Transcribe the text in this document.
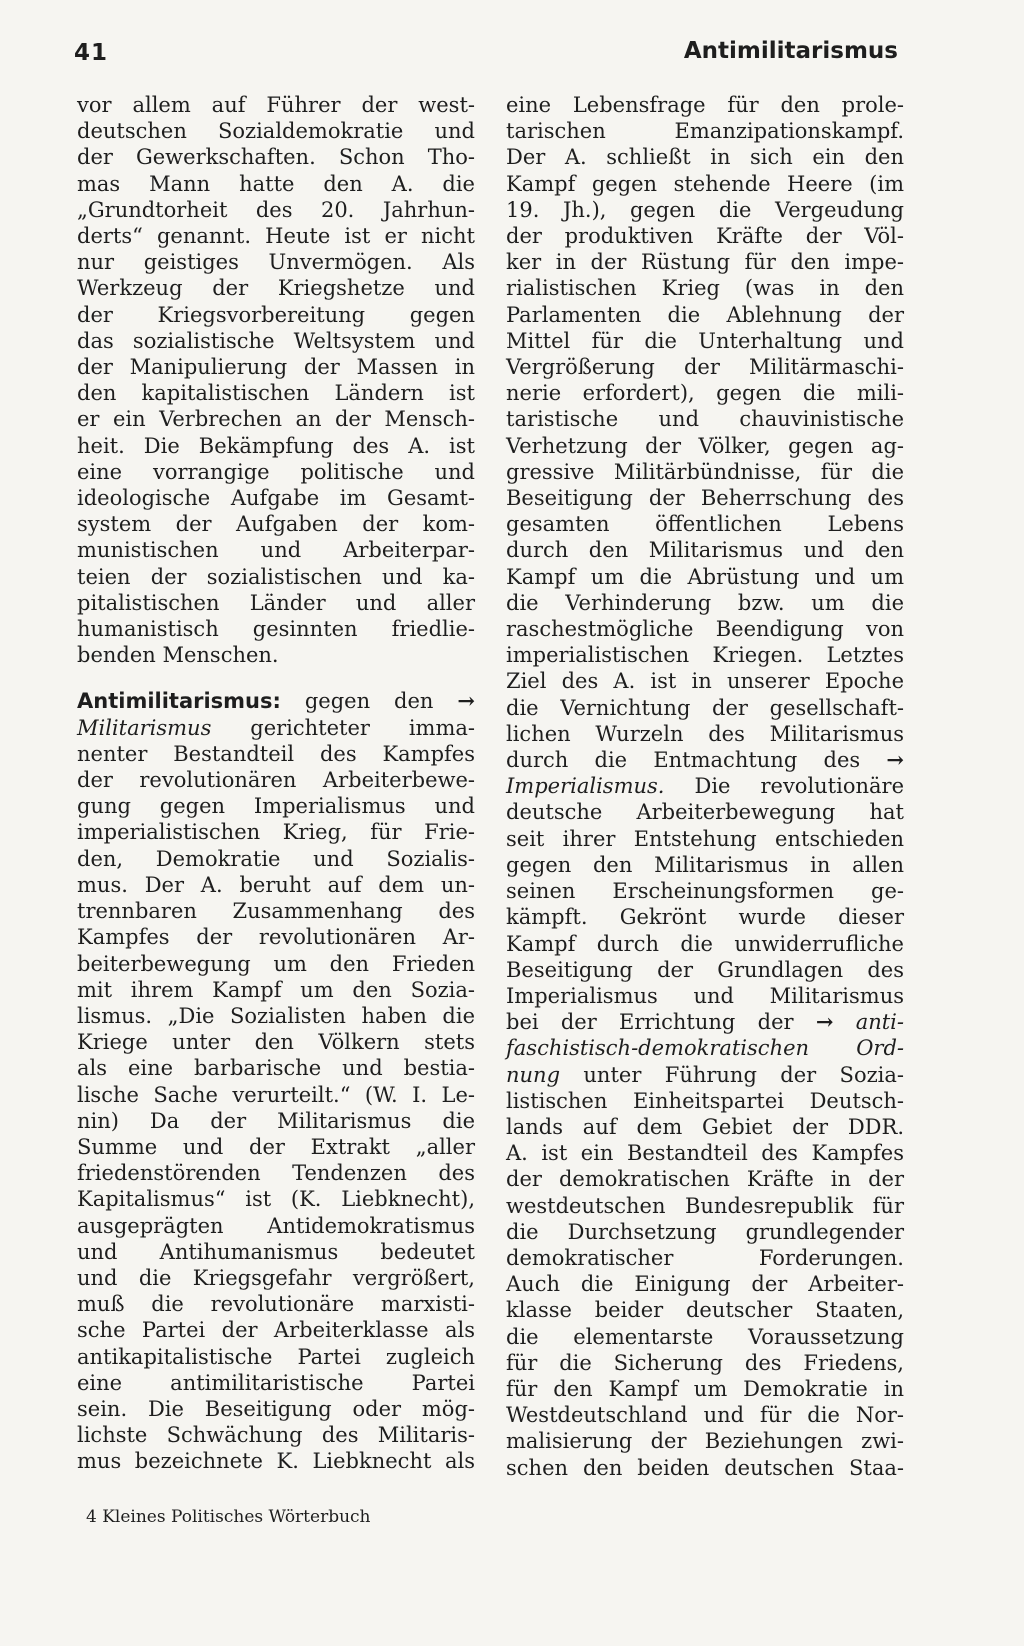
41	Antimilitarismus
vor allem auf Führer der west-
deutschen Sozialdemokratie und
der Gewerkschaften. Schon Tho-
mas Mann hatte den A. die
„Grundtorheit des 20. Jahrhun-
derts“ genannt. Heute ist er nicht
nur geistiges Unvermögen. Als
Werkzeug der Kriegshetze und
der Kriegsvorbereitung gegen
das sozialistische Weltsystem und
der Manipulierung der Massen in
den kapitalistischen Ländern ist
er ein Verbrechen an der Mensch-
heit. Die Bekämpfung des A. ist
eine vorrangige politische und
ideologische Aufgabe im Gesamt-
system der Aufgaben der kom-
munistischen und Arbeiterpar-
teien der sozialistischen und ka-
pitalistischen Länder und aller
humanistisch gesinnten friedlie-
benden Menschen.
Antimilitarismus: gegen den →
Militarismus gerichteter imma-
nenter Bestandteil des Kampfes
der revolutionären Arbeiterbewe-
gung gegen Imperialismus und
imperialistischen Krieg, für Frie-
den, Demokratie und Sozialis-
mus. Der A. beruht auf dem un-
trennbaren Zusammenhang des
Kampfes der revolutionären Ar-
beiterbewegung um den Frieden
mit ihrem Kampf um den Sozia-
lismus. „Die Sozialisten haben die
Kriege unter den Völkern stets
als eine barbarische und bestia-
lische Sache verurteilt.“ (W. I. Le-
nin) Da der Militarismus die
Summe und der Extrakt „aller
friedenstörenden Tendenzen des
Kapitalismus“ ist (K. Liebknecht),
ausgeprägten Antidemokratismus
und Antihumanismus bedeutet
und die Kriegsgefahr vergrößert,
muß die revolutionäre marxisti-
sche Partei der Arbeiterklasse als
antikapitalistische Partei zugleich
eine antimilitaristische Partei
sein. Die Beseitigung oder mög-
lichste Schwächung des Militaris-
mus bezeichnete K. Liebknecht als
eine Lebensfrage für den prole-
tarischen Emanzipationskampf.
Der A. schließt in sich ein den
Kampf gegen stehende Heere (im
19. Jh.), gegen die Vergeudung
der produktiven Kräfte der Völ-
ker in der Rüstung für den impe-
rialistischen Krieg (was in den
Parlamenten die Ablehnung der
Mittel für die Unterhaltung und
Vergrößerung der Militärmaschi-
nerie erfordert), gegen die mili-
taristische und chauvinistische
Verhetzung der Völker, gegen ag-
gressive Militärbündnisse, für die
Beseitigung der Beherrschung des
gesamten öffentlichen Lebens
durch den Militarismus und den
Kampf um die Abrüstung und um
die Verhinderung bzw. um die
raschestmögliche Beendigung von
imperialistischen Kriegen. Letztes
Ziel des A. ist in unserer Epoche
die Vernichtung der gesellschaft-
lichen Wurzeln des Militarismus
durch die Entmachtung des →
Imperialismus. Die revolutionäre
deutsche Arbeiterbewegung hat
seit ihrer Entstehung entschieden
gegen den Militarismus in allen
seinen Erscheinungsformen ge-
kämpft. Gekrönt wurde dieser
Kampf durch die unwiderrufliche
Beseitigung der Grundlagen des
Imperialismus und Militarismus
bei der Errichtung der → anti-
faschistisch-demokratischen Ord-
nung unter Führung der Sozia-
listischen Einheitspartei Deutsch-
lands auf dem Gebiet der DDR.
A. ist ein Bestandteil des Kampfes
der demokratischen Kräfte in der
westdeutschen Bundesrepublik für
die Durchsetzung grundlegender
demokratischer Forderungen.
Auch die Einigung der Arbeiter-
klasse beider deutscher Staaten,
die elementarste Voraussetzung
für die Sicherung des Friedens,
für den Kampf um Demokratie in
Westdeutschland und für die Nor-
malisierung der Beziehungen zwi-
schen den beiden deutschen Staa-
4 Kleines Politisches Wörterbuch
